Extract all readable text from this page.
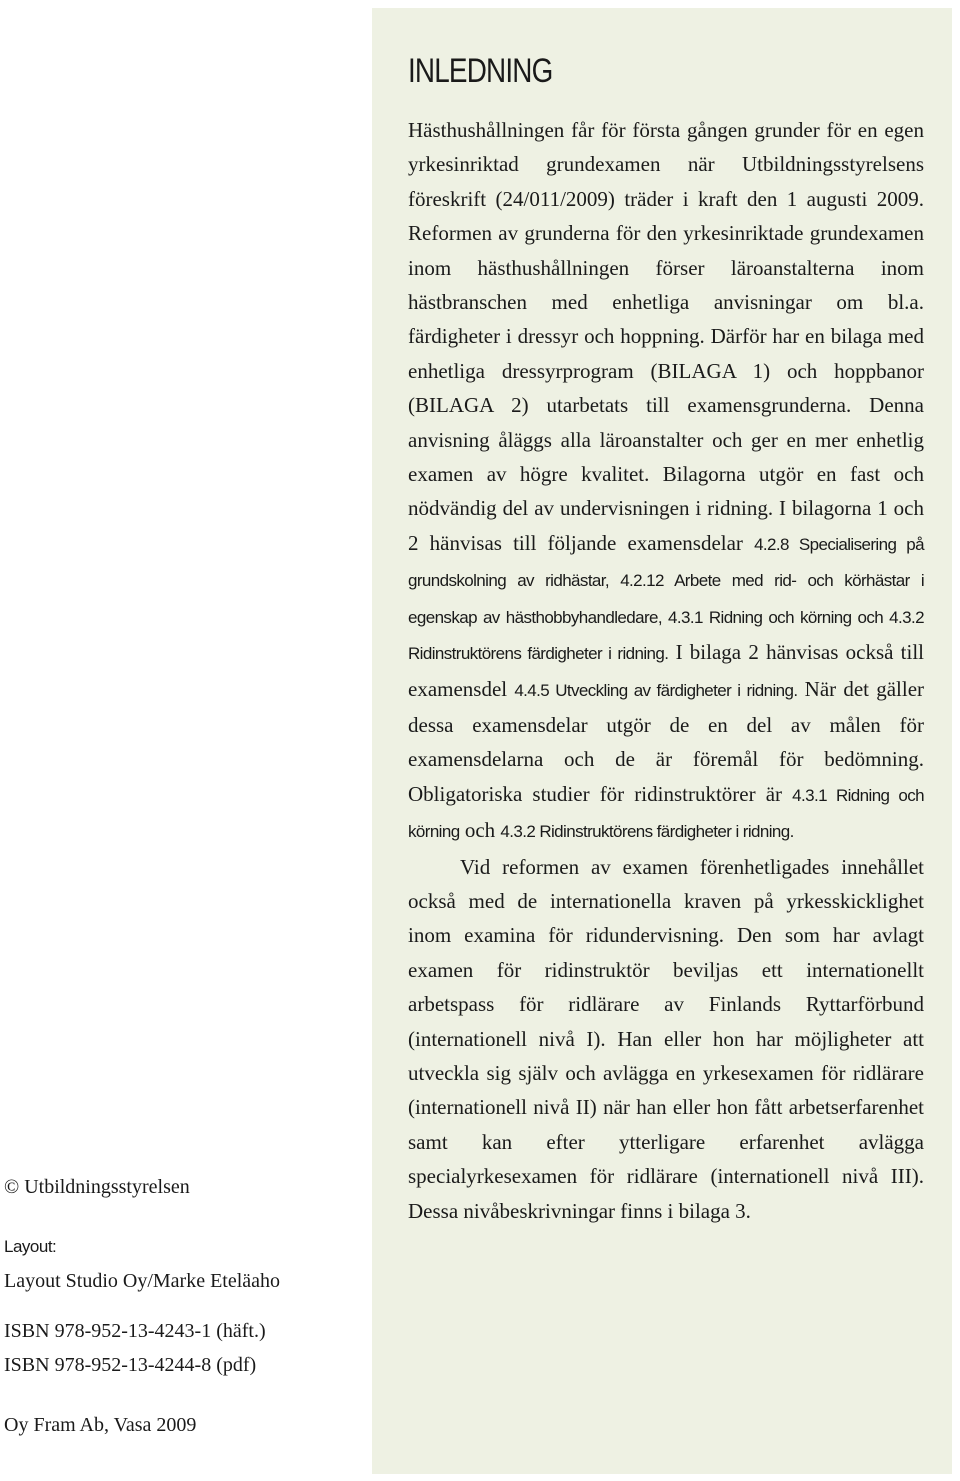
© Utbildningsstyrelsen

Layout:

Layout Studio Oy/Marke Eteläaho

ISBN 978-952-13-4243-1 (häft.)

ISBN 978-952-13-4244-8 (pdf)

Oy Fram Ab, Vasa 2009

INLEDNING

Hästhushållningen får för första gången grunder för en egen yrkesinriktad grundexamen när Utbildningsstyrelsens föreskrift (24/011/2009) träder i kraft den 1 augusti 2009. Reformen av grunderna för den yrkesinriktade grundexamen inom hästhushållningen förser läroanstalterna inom hästbranschen med enhetliga anvisningar om bl.a. färdigheter i dressyr och hoppning. Därför har en bilaga med enhetliga dressyrprogram (BILAGA 1) och hoppbanor (BILAGA 2) utarbetats till examensgrunderna. Denna anvisning åläggs alla läroanstalter och ger en mer enhetlig examen av högre kvalitet. Bilagorna utgör en fast och nödvändig del av undervisningen i ridning. I bilagorna 1 och 2 hänvisas till följande examensdelar 4.2.8 Specialisering på grundskolning av ridhästar, 4.2.12 Arbete med rid- och körhästar i egenskap av hästhobbyhandledare, 4.3.1 Ridning och körning och 4.3.2 Ridinstruktörens färdigheter i ridning. I bilaga 2 hänvisas också till examensdel 4.4.5 Utveckling av färdigheter i ridning. När det gäller dessa examensdelar utgör de en del av målen för examensdelarna och de är föremål för bedömning. Obligatoriska studier för ridinstruktörer är 4.3.1 Ridning och körning och 4.3.2 Ridinstruktörens färdigheter i ridning.

Vid reformen av examen förenhetligades innehållet också med de internationella kraven på yrkesskicklighet inom examina för ridundervisning. Den som har avlagt examen för ridinstruktör beviljas ett internationellt arbetspass för ridlärare av Finlands Ryttarförbund (internationell nivå I). Han eller hon har möjligheter att utveckla sig själv och avlägga en yrkesexamen för ridlärare (internationell nivå II) när han eller hon fått arbetserfarenhet samt kan efter ytterligare erfarenhet avlägga specialyrkesexamen för ridlärare (internationell nivå III). Dessa nivåbeskrivningar finns i bilaga 3.
